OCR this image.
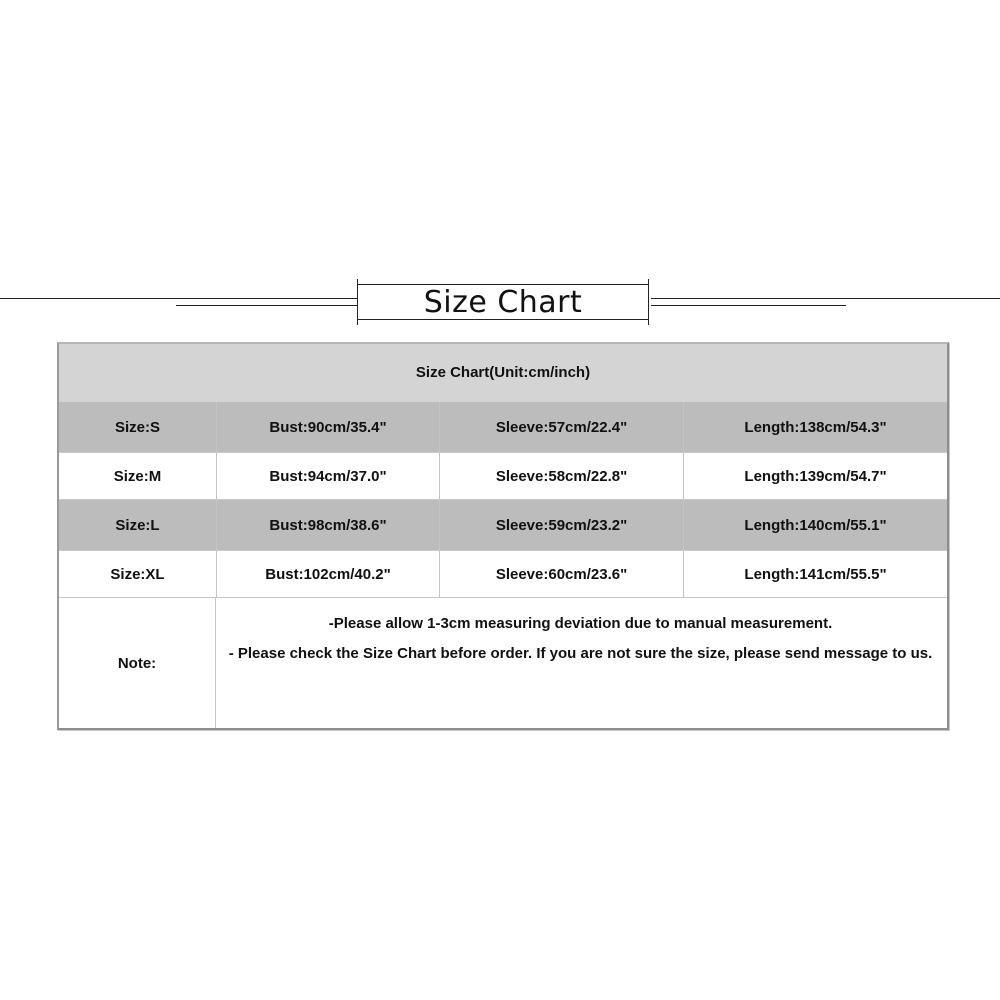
Size Chart
Size Chart(Unit:cm/inch)
Size:S	Bust:90cm/35.4"	Sleeve:57cm/22.4"	Length:138cm/54.3"
Size:M	Bust:94cm/37.0"	Sleeve:58cm/22.8"	Length:139cm/54.7"
Size:L	Bust:98cm/38.6"	Sleeve:59cm/23.2"	Length:140cm/55.1"
Size:XL	Bust:102cm/40.2"	Sleeve:60cm/23.6"	Length:141cm/55.5"
Note:
-Please allow 1-3cm measuring deviation due to manual measurement.
- Please check the Size Chart before order. If you are not sure the size, please send message to us.
